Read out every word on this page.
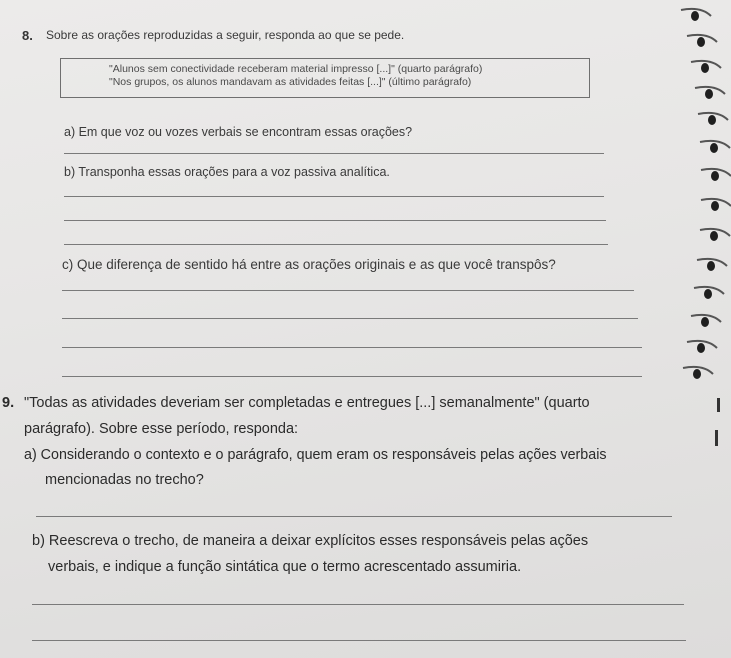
8. Sobre as orações reproduzidas a seguir, responda ao que se pede.
"Alunos sem conectividade receberam material impresso [...]" (quarto parágrafo)
"Nos grupos, os alunos mandavam as atividades feitas [...]" (último parágrafo)
a) Em que voz ou vozes verbais se encontram essas orações?
b) Transponha essas orações para a voz passiva analítica.
c) Que diferença de sentido há entre as orações originais e as que você transpôs?
9. "Todas as atividades deveriam ser completadas e entregues [...] semanalmente" (quarto
parágrafo). Sobre esse período, responda:
a) Considerando o contexto e o parágrafo, quem eram os responsáveis pelas ações verbais
mencionadas no trecho?
b) Reescreva o trecho, de maneira a deixar explícitos esses responsáveis pelas ações
verbais, e indique a função sintática que o termo acrescentado assumiria.
